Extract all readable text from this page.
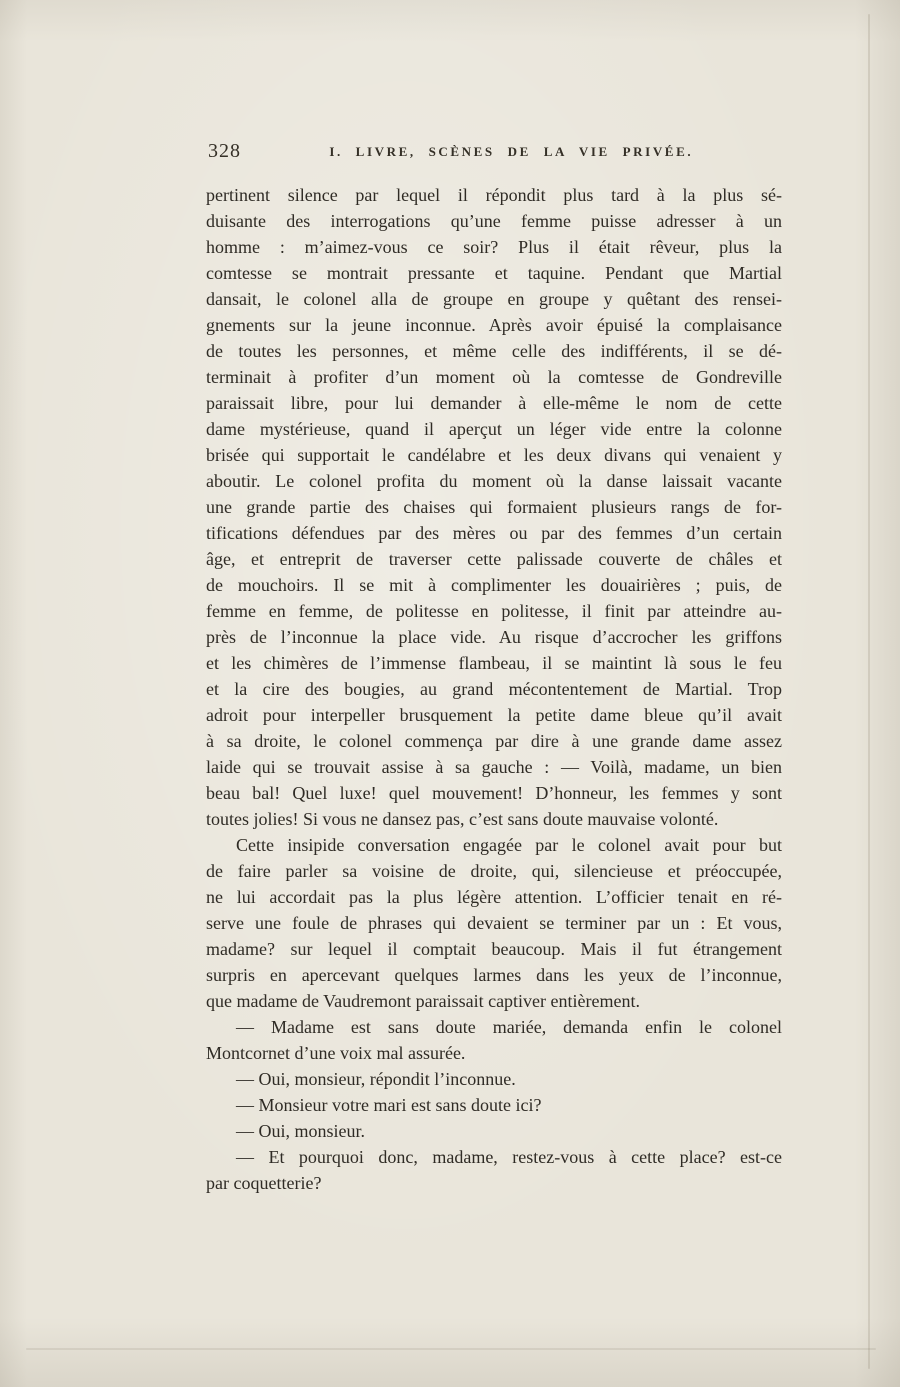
328	I. LIVRE, SCÈNES DE LA VIE PRIVÉE.
pertinent silence par lequel il répondit plus tard à la plus sé-
duisante des interrogations qu’une femme puisse adresser à un
homme : m’aimez-vous ce soir? Plus il était rêveur, plus la
comtesse se montrait pressante et taquine. Pendant que Martial
dansait, le colonel alla de groupe en groupe y quêtant des rensei-
gnements sur la jeune inconnue. Après avoir épuisé la complaisance
de toutes les personnes, et même celle des indifférents, il se dé-
terminait à profiter d’un moment où la comtesse de Gondreville
paraissait libre, pour lui demander à elle-même le nom de cette
dame mystérieuse, quand il aperçut un léger vide entre la colonne
brisée qui supportait le candélabre et les deux divans qui venaient y
aboutir. Le colonel profita du moment où la danse laissait vacante
une grande partie des chaises qui formaient plusieurs rangs de for-
tifications défendues par des mères ou par des femmes d’un certain
âge, et entreprit de traverser cette palissade couverte de châles et
de mouchoirs. Il se mit à complimenter les douairières ; puis, de
femme en femme, de politesse en politesse, il finit par atteindre au-
près de l’inconnue la place vide. Au risque d’accrocher les griffons
et les chimères de l’immense flambeau, il se maintint là sous le feu
et la cire des bougies, au grand mécontentement de Martial. Trop
adroit pour interpeller brusquement la petite dame bleue qu’il avait
à sa droite, le colonel commença par dire à une grande dame assez
laide qui se trouvait assise à sa gauche : — Voilà, madame, un bien
beau bal! Quel luxe! quel mouvement! D’honneur, les femmes y sont
toutes jolies! Si vous ne dansez pas, c’est sans doute mauvaise volonté.
Cette insipide conversation engagée par le colonel avait pour but
de faire parler sa voisine de droite, qui, silencieuse et préoccupée,
ne lui accordait pas la plus légère attention. L’officier tenait en ré-
serve une foule de phrases qui devaient se terminer par un : Et vous,
madame? sur lequel il comptait beaucoup. Mais il fut étrangement
surpris en apercevant quelques larmes dans les yeux de l’inconnue,
que madame de Vaudremont paraissait captiver entièrement.
— Madame est sans doute mariée, demanda enfin le colonel
Montcornet d’une voix mal assurée.
— Oui, monsieur, répondit l’inconnue.
— Monsieur votre mari est sans doute ici?
— Oui, monsieur.
— Et pourquoi donc, madame, restez-vous à cette place? est-ce
par coquetterie?
